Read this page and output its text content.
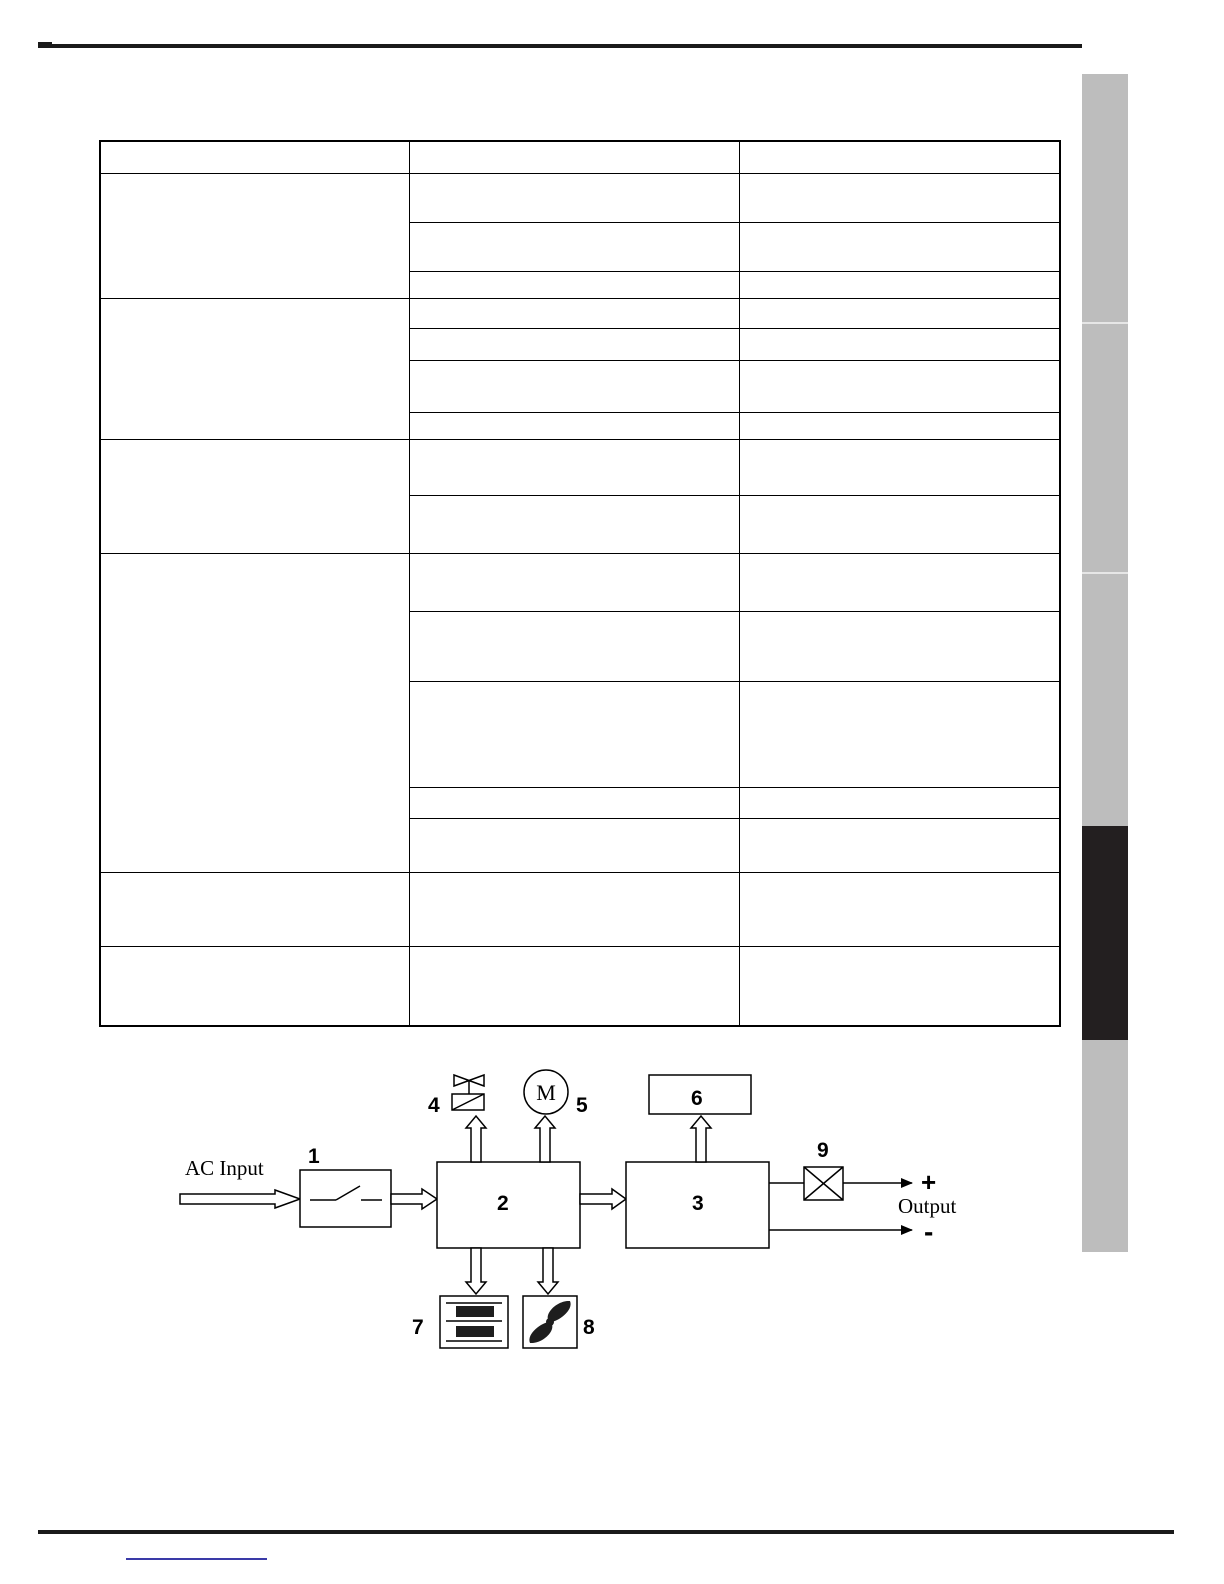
AC Input 1
2	3
4
M
5	6
7	8
9
+
Output
-
